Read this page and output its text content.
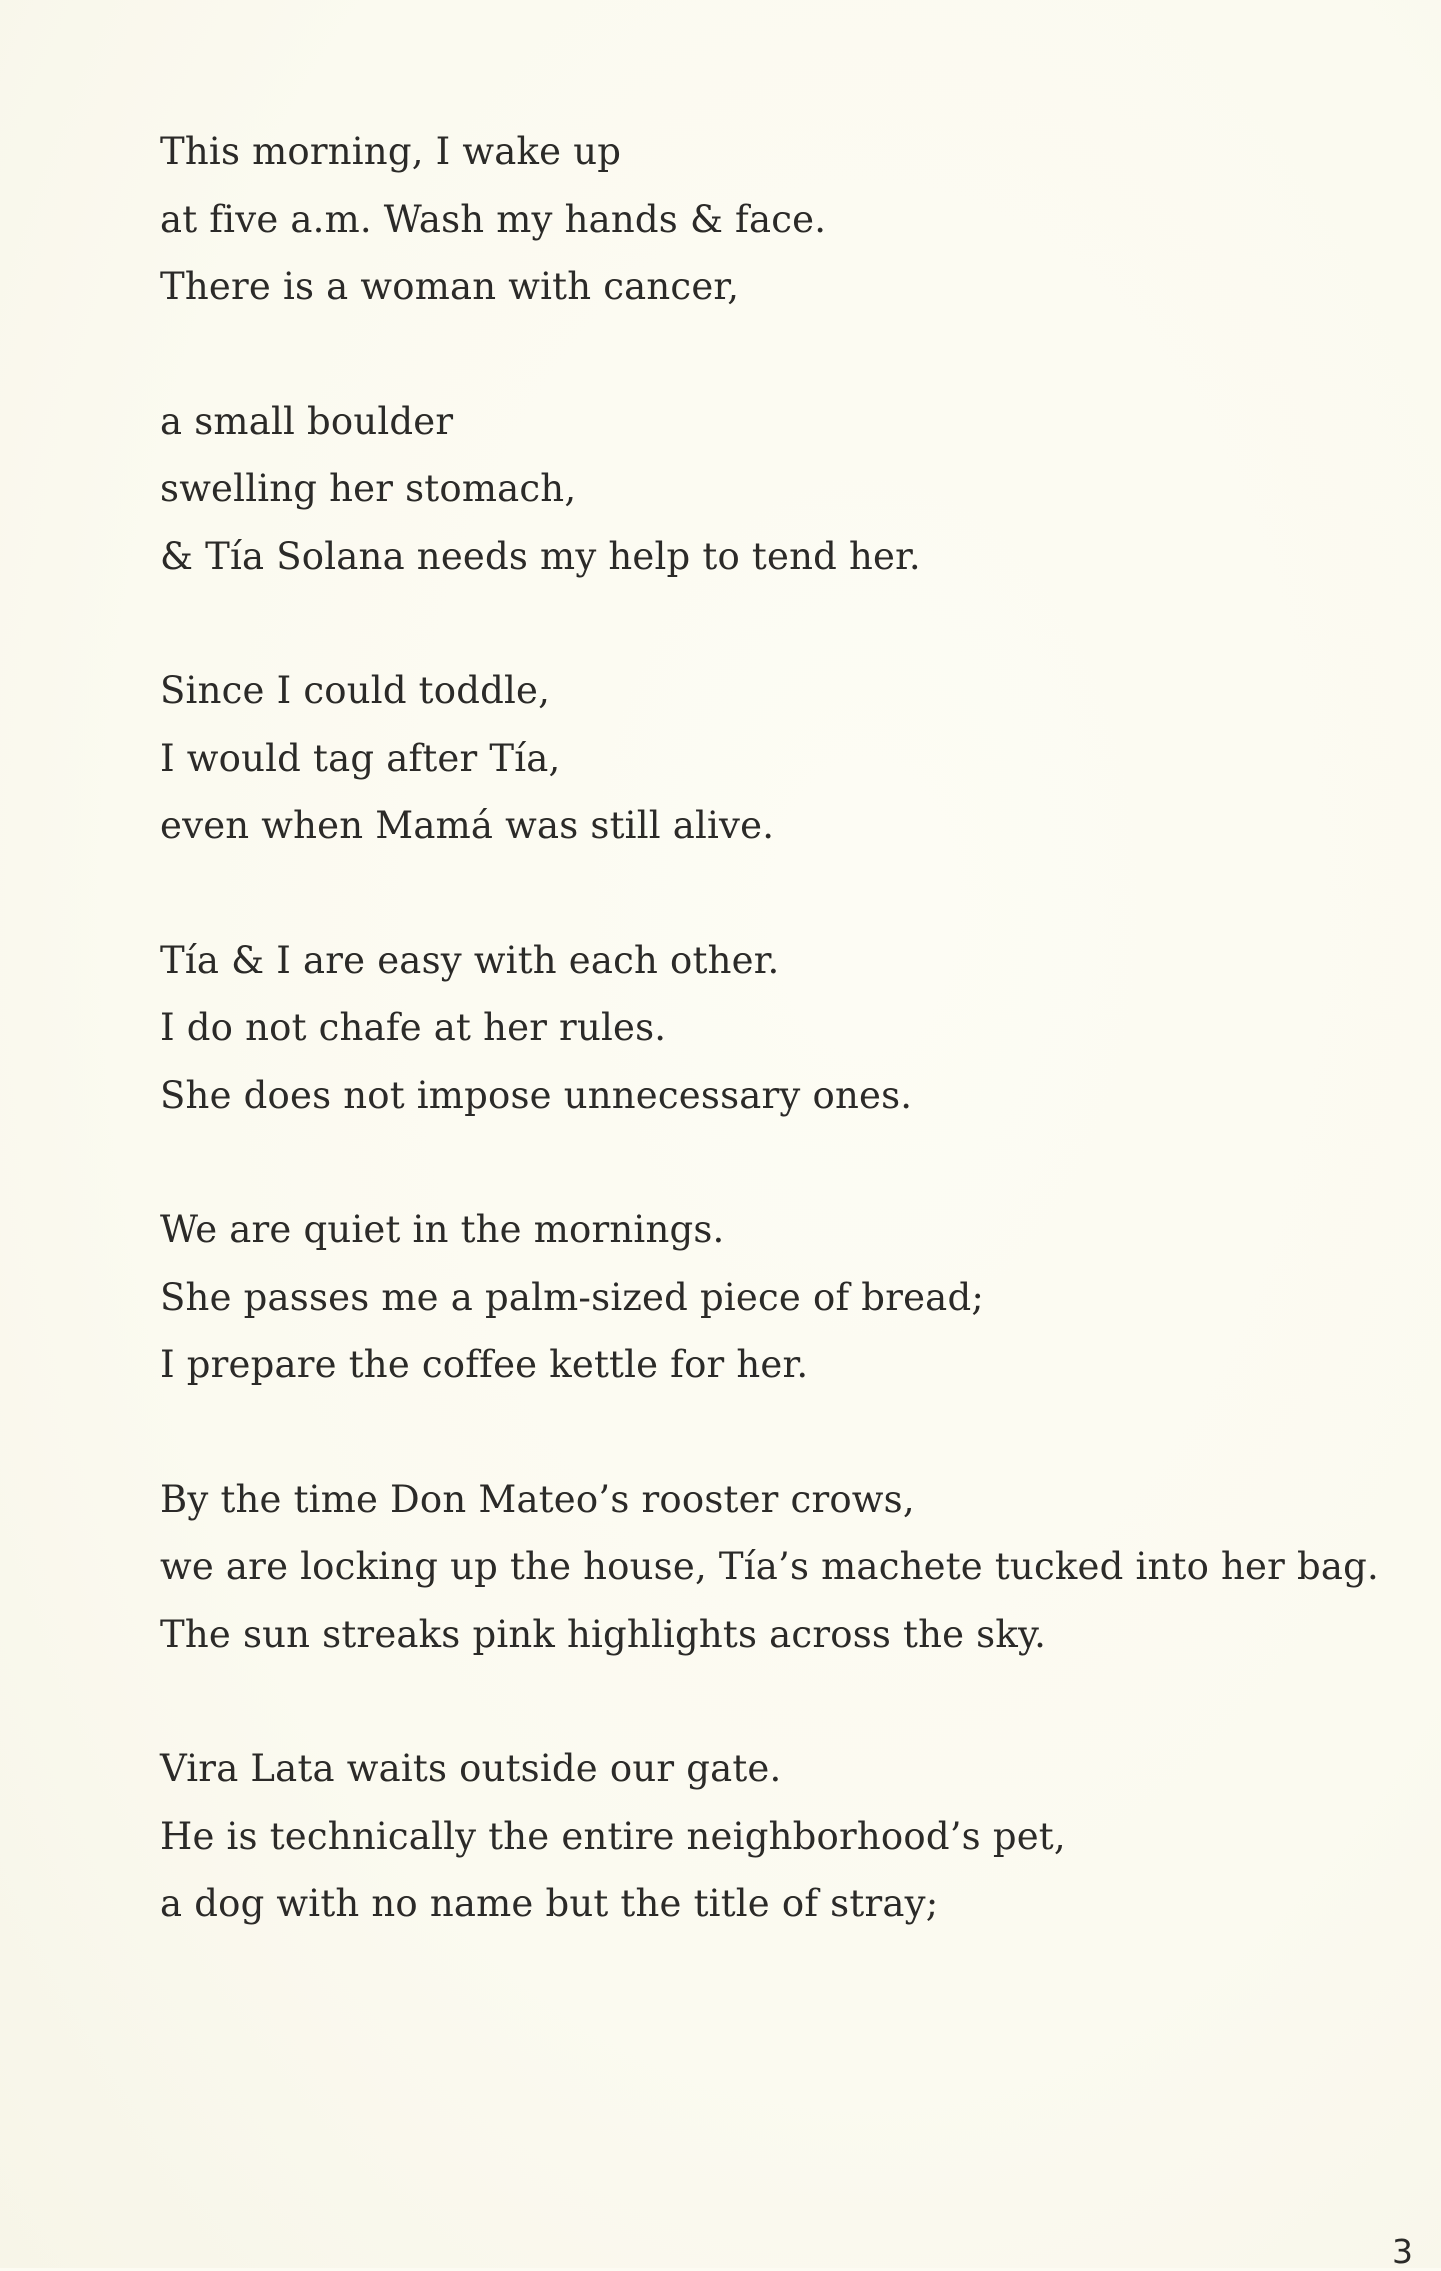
This morning, I wake up
at five a.m. Wash my hands & face.
There is a woman with cancer,
a small boulder
swelling her stomach,
& Tía Solana needs my help to tend her.
Since I could toddle,
I would tag after Tía,
even when Mamá was still alive.
Tía & I are easy with each other.
I do not chafe at her rules.
She does not impose unnecessary ones.
We are quiet in the mornings.
She passes me a palm-sized piece of bread;
I prepare the coffee kettle for her.
By the time Don Mateo’s rooster crows,
we are locking up the house, Tía’s machete tucked into her bag.
The sun streaks pink highlights across the sky.
Vira Lata waits outside our gate.
He is technically the entire neighborhood’s pet,
a dog with no name but the title of stray;
3
